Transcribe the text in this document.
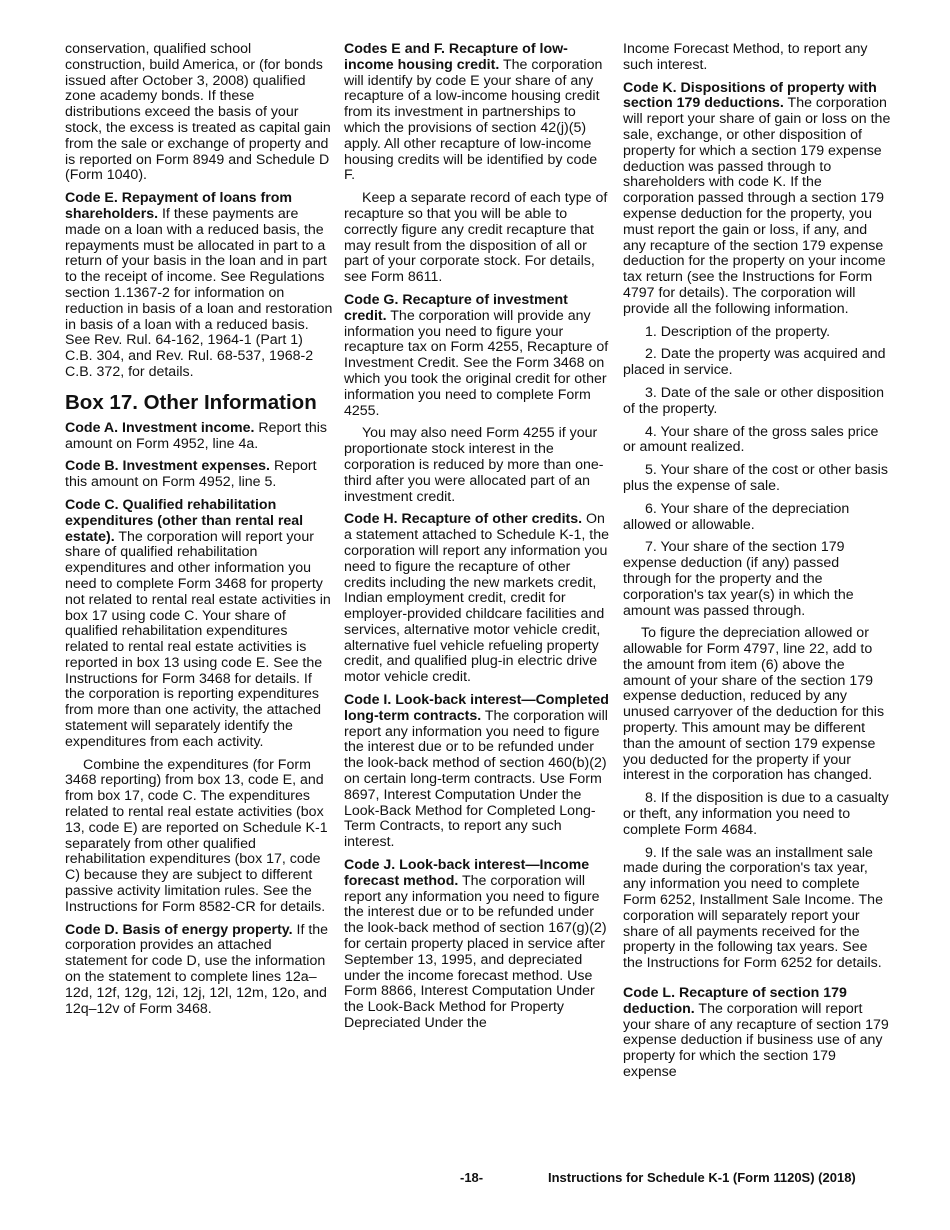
conservation, qualified school construction, build America, or (for bonds issued after October 3, 2008) qualified zone academy bonds. If these distributions exceed the basis of your stock, the excess is treated as capital gain from the sale or exchange of property and is reported on Form 8949 and Schedule D (Form 1040).

Code E. Repayment of loans from shareholders. If these payments are made on a loan with a reduced basis, the repayments must be allocated in part to a return of your basis in the loan and in part to the receipt of income. See Regulations section 1.1367-2 for information on reduction in basis of a loan and restoration in basis of a loan with a reduced basis. See Rev. Rul. 64-162, 1964-1 (Part 1) C.B. 304, and Rev. Rul. 68-537, 1968-2 C.B. 372, for details.

Box 17. Other Information

Code A. Investment income. Report this amount on Form 4952, line 4a.

Code B. Investment expenses. Report this amount on Form 4952, line 5.

Code C. Qualified rehabilitation expenditures (other than rental real estate). The corporation will report your share of qualified rehabilitation expenditures and other information you need to complete Form 3468 for property not related to rental real estate activities in box 17 using code C. Your share of qualified rehabilitation expenditures related to rental real estate activities is reported in box 13 using code E. See the Instructions for Form 3468 for details. If the corporation is reporting expenditures from more than one activity, the attached statement will separately identify the expenditures from each activity.

Combine the expenditures (for Form 3468 reporting) from box 13, code E, and from box 17, code C. The expenditures related to rental real estate activities (box 13, code E) are reported on Schedule K-1 separately from other qualified rehabilitation expenditures (box 17, code C) because they are subject to different passive activity limitation rules. See the Instructions for Form 8582-CR for details.

Code D. Basis of energy property. If the corporation provides an attached statement for code D, use the information on the statement to complete lines 12a–12d, 12f, 12g, 12i, 12j, 12l, 12m, 12o, and 12q–12v of Form 3468.

Codes E and F. Recapture of low-income housing credit. The corporation will identify by code E your share of any recapture of a low-income housing credit from its investment in partnerships to which the provisions of section 42(j)(5) apply. All other recapture of low-income housing credits will be identified by code F.

Keep a separate record of each type of recapture so that you will be able to correctly figure any credit recapture that may result from the disposition of all or part of your corporate stock. For details, see Form 8611.

Code G. Recapture of investment credit. The corporation will provide any information you need to figure your recapture tax on Form 4255, Recapture of Investment Credit. See the Form 3468 on which you took the original credit for other information you need to complete Form 4255.

You may also need Form 4255 if your proportionate stock interest in the corporation is reduced by more than one-third after you were allocated part of an investment credit.

Code H. Recapture of other credits. On a statement attached to Schedule K-1, the corporation will report any information you need to figure the recapture of other credits including the new markets credit, Indian employment credit, credit for employer-provided childcare facilities and services, alternative motor vehicle credit, alternative fuel vehicle refueling property credit, and qualified plug-in electric drive motor vehicle credit.

Code I. Look-back interest—Completed long-term contracts. The corporation will report any information you need to figure the interest due or to be refunded under the look-back method of section 460(b)(2) on certain long-term contracts. Use Form 8697, Interest Computation Under the Look-Back Method for Completed Long-Term Contracts, to report any such interest.

Code J. Look-back interest—Income forecast method. The corporation will report any information you need to figure the interest due or to be refunded under the look-back method of section 167(g)(2) for certain property placed in service after September 13, 1995, and depreciated under the income forecast method. Use Form 8866, Interest Computation Under the Look-Back Method for Property Depreciated Under the

Income Forecast Method, to report any such interest.

Code K. Dispositions of property with section 179 deductions. The corporation will report your share of gain or loss on the sale, exchange, or other disposition of property for which a section 179 expense deduction was passed through to shareholders with code K. If the corporation passed through a section 179 expense deduction for the property, you must report the gain or loss, if any, and any recapture of the section 179 expense deduction for the property on your income tax return (see the Instructions for Form 4797 for details). The corporation will provide all the following information.

1. Description of the property.

2. Date the property was acquired and placed in service.

3. Date of the sale or other disposition of the property.

4. Your share of the gross sales price or amount realized.

5. Your share of the cost or other basis plus the expense of sale.

6. Your share of the depreciation allowed or allowable.

7. Your share of the section 179 expense deduction (if any) passed through for the property and the corporation's tax year(s) in which the amount was passed through.

To figure the depreciation allowed or allowable for Form 4797, line 22, add to the amount from item (6) above the amount of your share of the section 179 expense deduction, reduced by any unused carryover of the deduction for this property. This amount may be different than the amount of section 179 expense you deducted for the property if your interest in the corporation has changed.

8. If the disposition is due to a casualty or theft, any information you need to complete Form 4684.

9. If the sale was an installment sale made during the corporation's tax year, any information you need to complete Form 6252, Installment Sale Income. The corporation will separately report your share of all payments received for the property in the following tax years. See the Instructions for Form 6252 for details.

Code L. Recapture of section 179 deduction. The corporation will report your share of any recapture of section 179 expense deduction if business use of any property for which the section 179 expense

-18-	Instructions for Schedule K-1 (Form 1120S) (2018)
